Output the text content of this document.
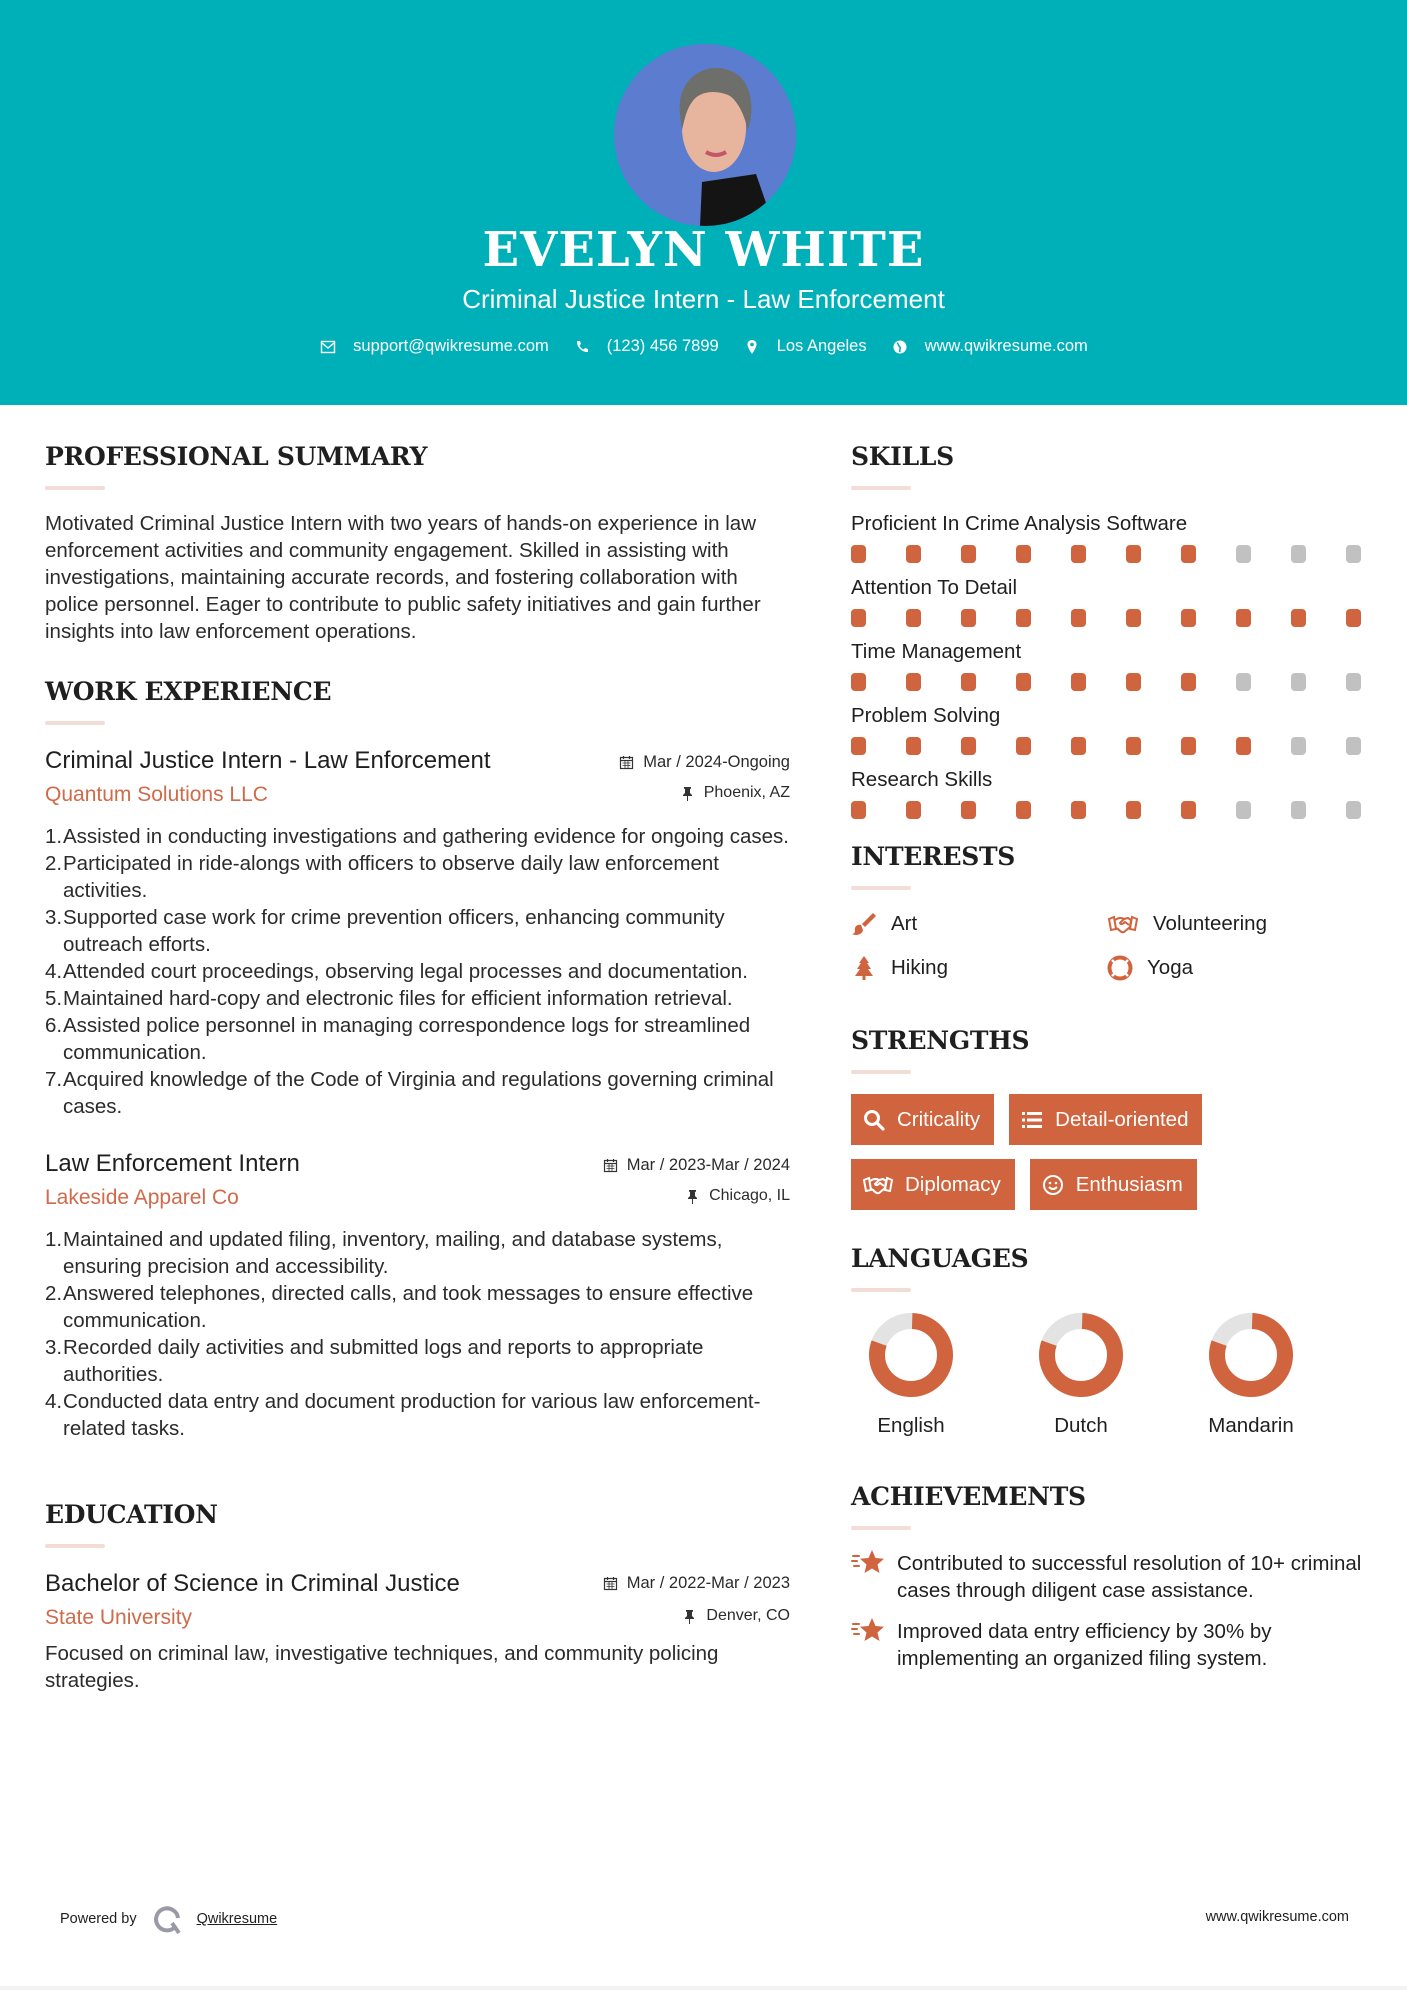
EVELYN WHITE
Criminal Justice Intern - Law Enforcement
support@qwikresume.com	(123) 456 7899	Los Angeles	www.qwikresume.com
PROFESSIONAL SUMMARY

Motivated Criminal Justice Intern with two years of hands-on experience in law enforcement activities and community engagement. Skilled in assisting with investigations, maintaining accurate records, and fostering collaboration with police personnel. Eager to contribute to public safety initiatives and gain further insights into law enforcement operations.

WORK EXPERIENCE
Criminal Justice Intern - Law Enforcement	Mar / 2024-Ongoing
Quantum Solutions LLC	Phoenix, AZ
1. Assisted in conducting investigations and gathering evidence for ongoing cases.
2. Participated in ride-alongs with officers to observe daily law enforcement activities.
3. Supported case work for crime prevention officers, enhancing community outreach efforts.
4. Attended court proceedings, observing legal processes and documentation.
5. Maintained hard-copy and electronic files for efficient information retrieval.
6. Assisted police personnel in managing correspondence logs for streamlined communication.
7. Acquired knowledge of the Code of Virginia and regulations governing criminal cases.
Law Enforcement Intern	Mar / 2023-Mar / 2024
Lakeside Apparel Co	Chicago, IL
1. Maintained and updated filing, inventory, mailing, and database systems, ensuring precision and accessibility.
2. Answered telephones, directed calls, and took messages to ensure effective communication.
3. Recorded daily activities and submitted logs and reports to appropriate authorities.
4. Conducted data entry and document production for various law enforcement-related tasks.
EDUCATION
Bachelor of Science in Criminal Justice	Mar / 2022-Mar / 2023
State University	Denver, CO

Focused on criminal law, investigative techniques, and community policing strategies.

SKILLS
Proficient In Crime Analysis Software
Attention To Detail
Time Management
Problem Solving
Research Skills
INTERESTS
Art	Volunteering
Hiking	Yoga
STRENGTHS
Criticality	Detail-oriented
Diplomacy	Enthusiasm
LANGUAGES
English	Dutch	Mandarin
ACHIEVEMENTS
Contributed to successful resolution of 10+ criminal cases through diligent case assistance.
Improved data entry efficiency by 30% by implementing an organized filing system.
Powered by	Qwikresume	www.qwikresume.com
